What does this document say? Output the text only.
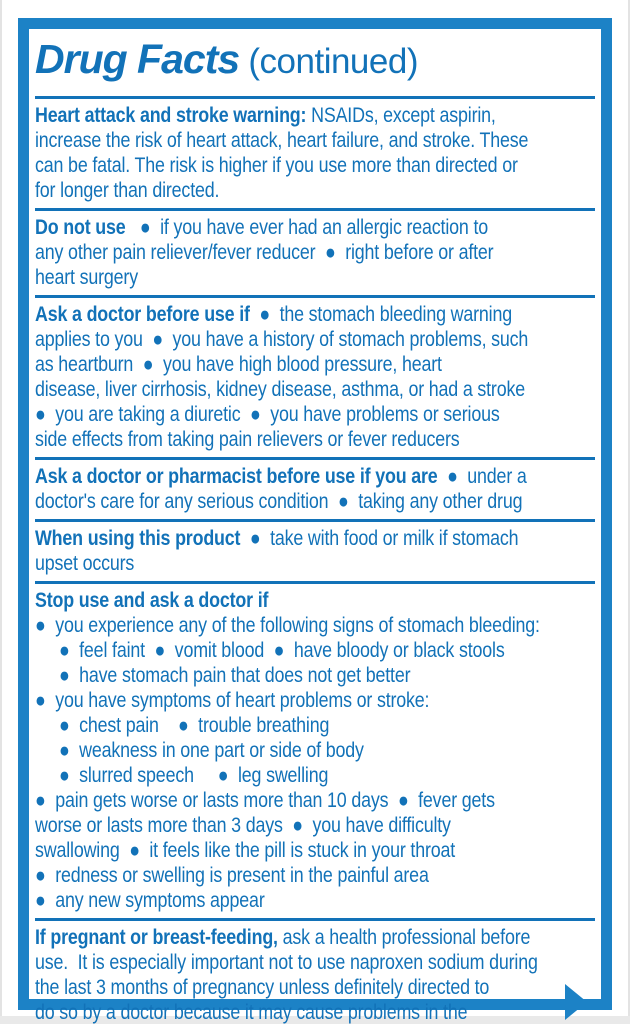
Drug Facts (continued)
Heart attack and stroke warning: NSAIDs, except aspirin,
increase the risk of heart attack, heart failure, and stroke. These
can be fatal. The risk is higher if you use more than directed or
for longer than directed.
Do not use   ●  if you have ever had an allergic reaction to
any other pain reliever/fever reducer  ●  right before or after
heart surgery
Ask a doctor before use if  ●  the stomach bleeding warning
applies to you  ●  you have a history of stomach problems, such
as heartburn  ●  you have high blood pressure, heart
disease, liver cirrhosis, kidney disease, asthma, or had a stroke
●  you are taking a diuretic  ●  you have problems or serious
side effects from taking pain relievers or fever reducers
Ask a doctor or pharmacist before use if you are  ●  under a
doctor's care for any serious condition  ●  taking any other drug
When using this product  ●  take with food or milk if stomach
upset occurs
Stop use and ask a doctor if
●  you experience any of the following signs of stomach bleeding:
●  feel faint  ●  vomit blood  ●  have bloody or black stools
●  have stomach pain that does not get better
●  you have symptoms of heart problems or stroke:
●  chest pain    ●  trouble breathing
●  weakness in one part or side of body
●  slurred speech     ●  leg swelling
●  pain gets worse or lasts more than 10 days  ●  fever gets
worse or lasts more than 3 days  ●  you have difficulty
swallowing  ●  it feels like the pill is stuck in your throat
●  redness or swelling is present in the painful area
●  any new symptoms appear
If pregnant or breast-feeding, ask a health professional before
use.  It is especially important not to use naproxen sodium during
the last 3 months of pregnancy unless definitely directed to
do so by a doctor because it may cause problems in the
